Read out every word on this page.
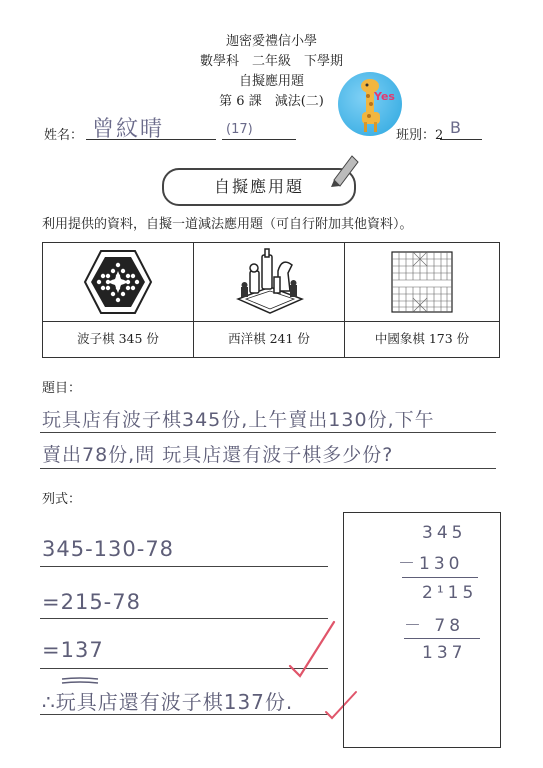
迦密愛禮信小學
數學科　二年級　下學期
自擬應用題
第 6 課　減法(二)	Yes
姓名： 曾紋晴	(17)	班別：2 B
自擬應用題
利用提供的資料，自擬一道減法應用題（可自行附加其他資料）。
波子棋 345 份	西洋棋 241 份	中國象棋 173 份
題目：
玩具店有波子棋345份,上午賣出130份,下午
賣出78份,問 玩具店還有波子棋多少份?
列式：
345-130-78
=215-78
=137
∴玩具店還有波子棋137份.
345
－130
2¹15
－ 78
137
